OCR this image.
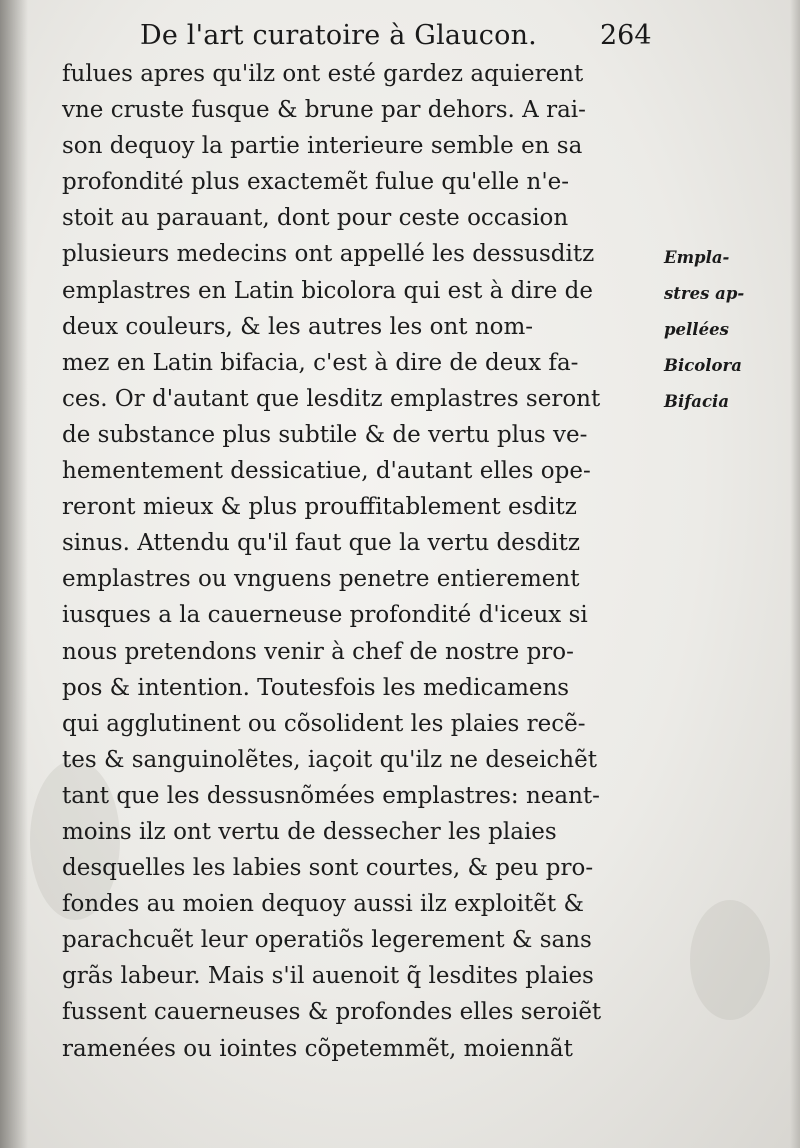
De l'art curatoire à Glaucon. 264
fulues apres qu'ilz ont esté gardez aquierent
vne cruste fusque & brune par dehors. A rai-
son dequoy la partie interieure semble en sa
profondité plus exactemẽt fulue qu'elle n'e-
stoit au parauant, dont pour ceste occasion
plusieurs medecins ont appellé les dessusditz
emplastres en Latin bicolora qui est à dire de
deux couleurs, & les autres les ont nom-
mez en Latin bifacia, c'est à dire de deux fa-
ces. Or d'autant que lesditz emplastres seront
de substance plus subtile & de vertu plus ve-
hementement dessicatiue, d'autant elles ope-
reront mieux & plus prouffitablement esditz
sinus. Attendu qu'il faut que la vertu desditz
emplastres ou vnguens penetre entierement
iusques a la cauerneuse profondité d'iceux si
nous pretendons venir à chef de nostre pro-
pos & intention. Toutesfois les medicamens
qui agglutinent ou cõsolident les plaies recẽ-
tes & sanguinolẽtes, iaçoit qu'ilz ne deseichẽt
tant que les dessusnõmées emplastres: neant-
moins ilz ont vertu de dessecher les plaies
desquelles les labies sont courtes, & peu pro-
fondes au moien dequoy aussi ilz exploitẽt &
parachcuẽt leur operatiõs legerement & sans
grãs labeur. Mais s'il auenoit q̃ lesdites plaies
fussent cauerneuses & profondes elles seroiẽt
ramenées ou iointes cõpetemmẽt, moiennãt
Empla-
stres ap-
pellées
Bicolora
Bifacia
